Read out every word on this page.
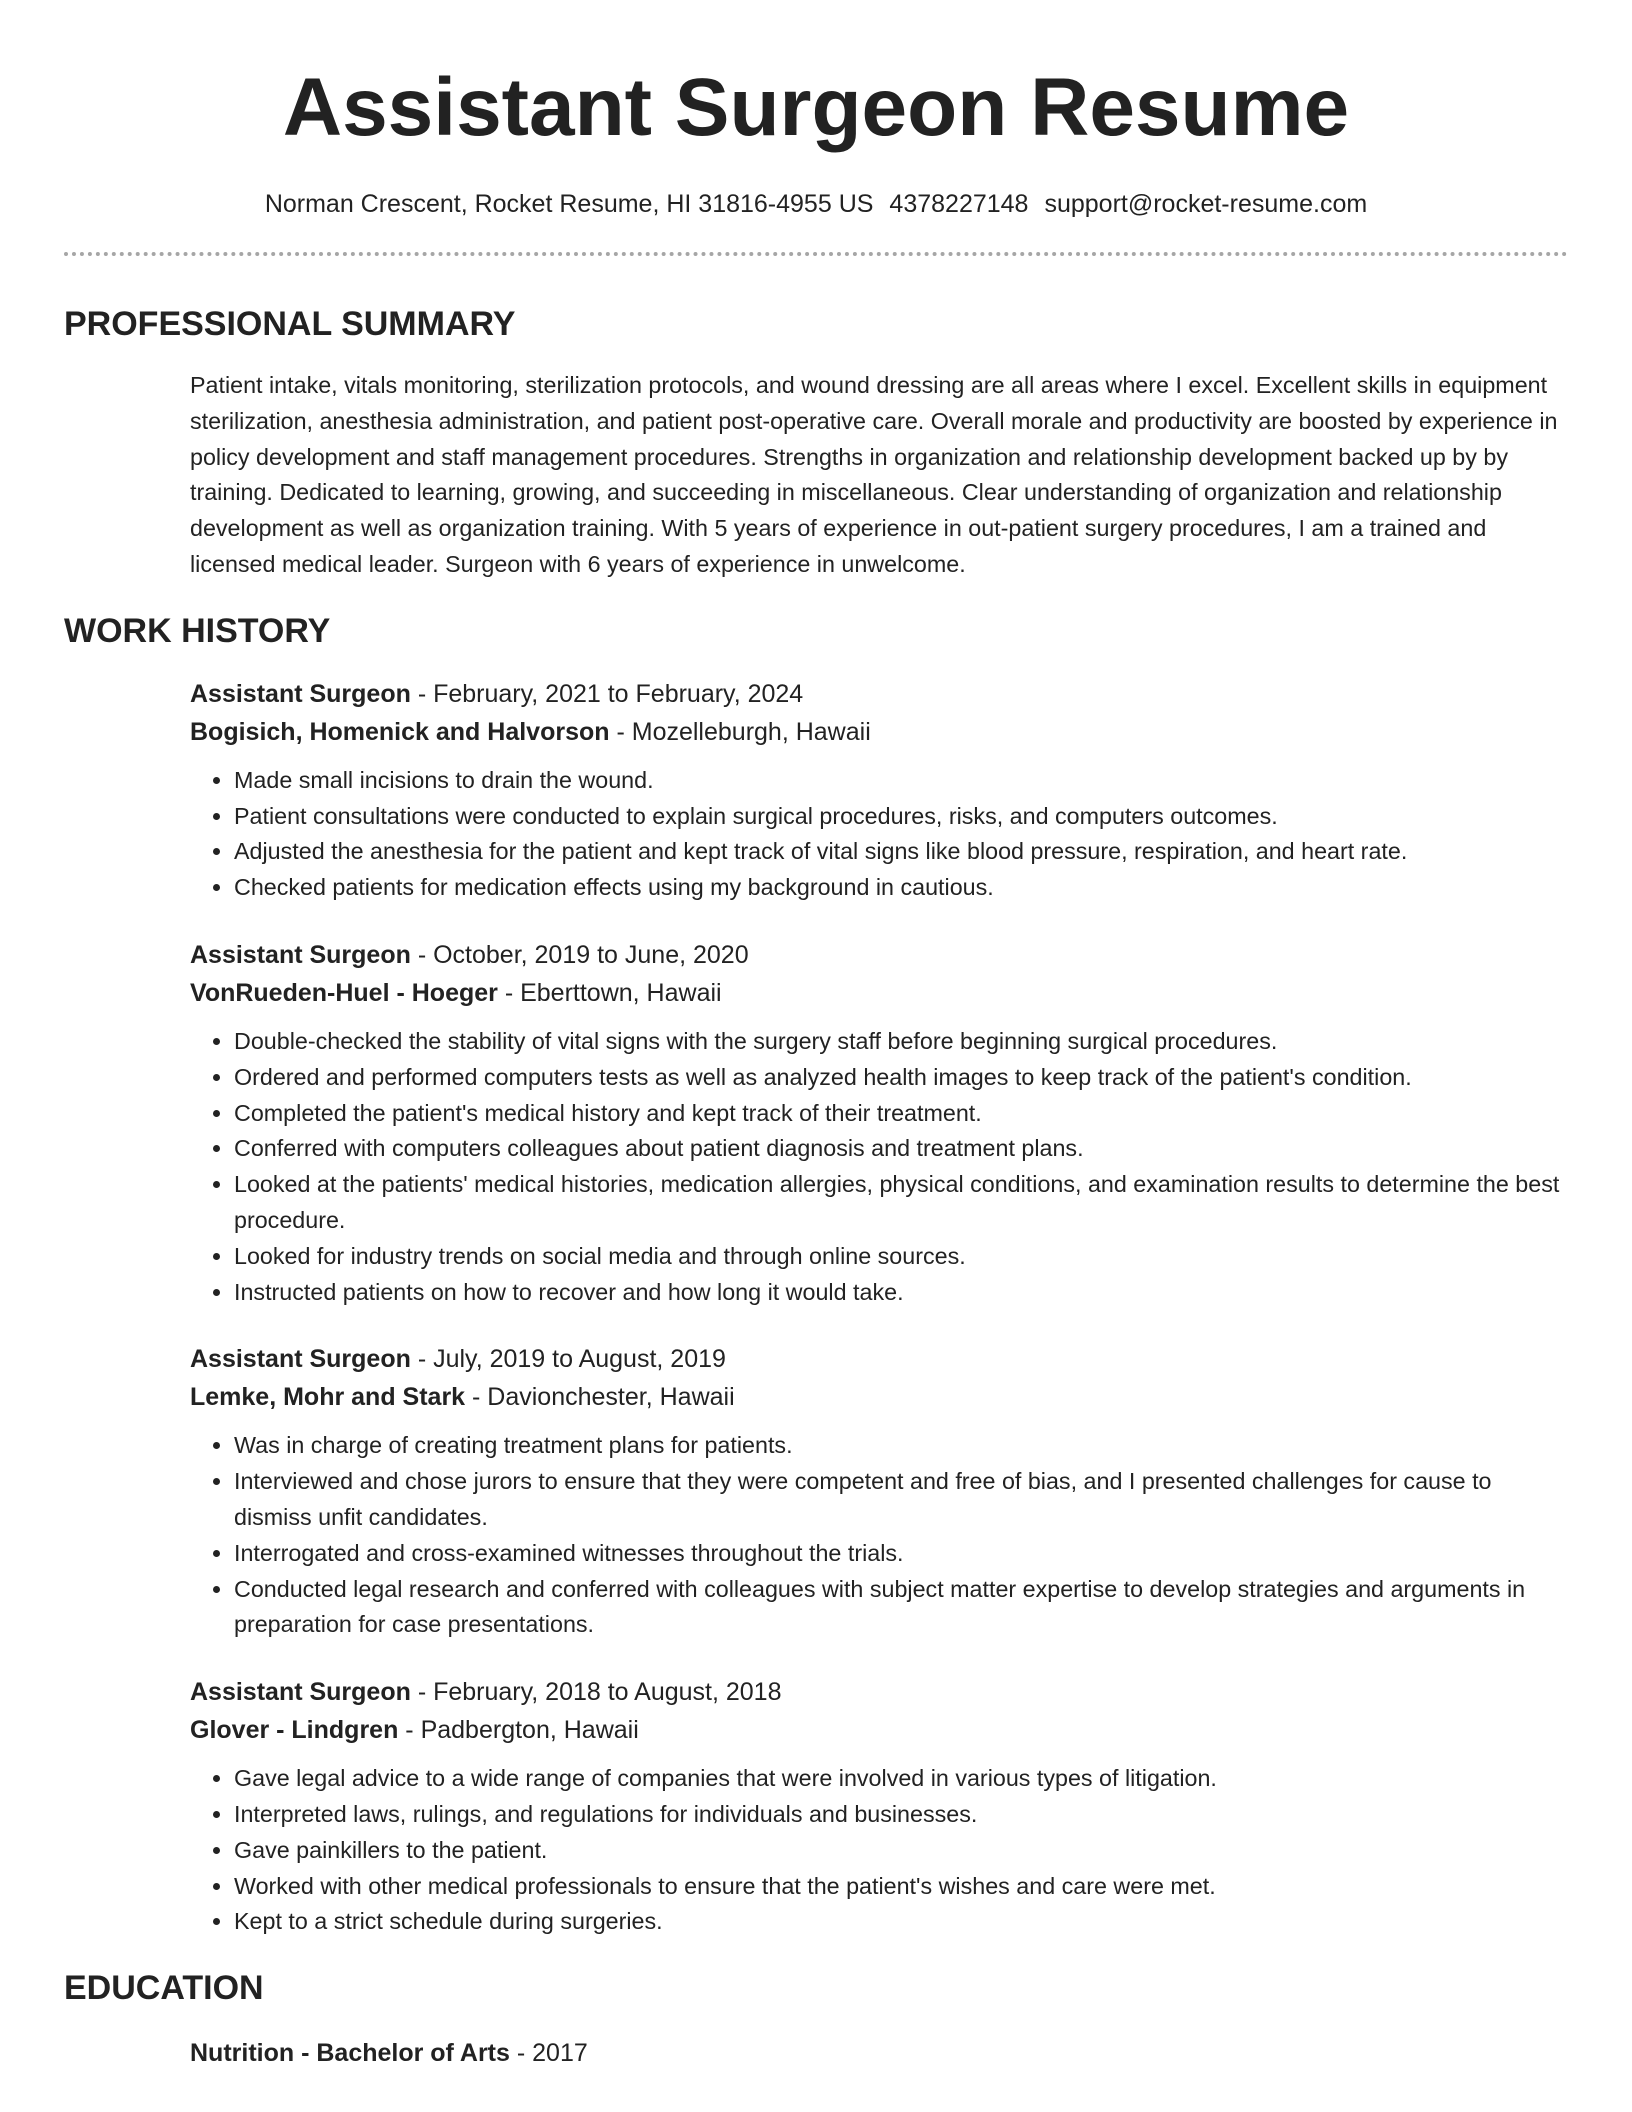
Assistant Surgeon Resume
Norman Crescent, Rocket Resume, HI 31816-4955 US 4378227148 support@rocket-resume.com
PROFESSIONAL SUMMARY
Patient intake, vitals monitoring, sterilization protocols, and wound dressing are all areas where I excel. Excellent skills in equipment sterilization, anesthesia administration, and patient post-operative care. Overall morale and productivity are boosted by experience in policy development and staff management procedures. Strengths in organization and relationship development backed up by by training. Dedicated to learning, growing, and succeeding in miscellaneous. Clear understanding of organization and relationship development as well as organization training. With 5 years of experience in out-patient surgery procedures, I am a trained and licensed medical leader. Surgeon with 6 years of experience in unwelcome.
WORK HISTORY
Assistant Surgeon - February, 2021 to February, 2024
Bogisich, Homenick and Halvorson - Mozelleburgh, Hawaii
• Made small incisions to drain the wound.
• Patient consultations were conducted to explain surgical procedures, risks, and computers outcomes.
• Adjusted the anesthesia for the patient and kept track of vital signs like blood pressure, respiration, and heart rate.
• Checked patients for medication effects using my background in cautious.
Assistant Surgeon - October, 2019 to June, 2020
VonRueden-Huel - Hoeger - Eberttown, Hawaii
• Double-checked the stability of vital signs with the surgery staff before beginning surgical procedures.
• Ordered and performed computers tests as well as analyzed health images to keep track of the patient's condition.
• Completed the patient's medical history and kept track of their treatment.
• Conferred with computers colleagues about patient diagnosis and treatment plans.
• Looked at the patients' medical histories, medication allergies, physical conditions, and examination results to determine the best procedure.
• Looked for industry trends on social media and through online sources.
• Instructed patients on how to recover and how long it would take.
Assistant Surgeon - July, 2019 to August, 2019
Lemke, Mohr and Stark - Davionchester, Hawaii
• Was in charge of creating treatment plans for patients.
• Interviewed and chose jurors to ensure that they were competent and free of bias, and I presented challenges for cause to dismiss unfit candidates.
• Interrogated and cross-examined witnesses throughout the trials.
• Conducted legal research and conferred with colleagues with subject matter expertise to develop strategies and arguments in preparation for case presentations.
Assistant Surgeon - February, 2018 to August, 2018
Glover - Lindgren - Padbergton, Hawaii
• Gave legal advice to a wide range of companies that were involved in various types of litigation.
• Interpreted laws, rulings, and regulations for individuals and businesses.
• Gave painkillers to the patient.
• Worked with other medical professionals to ensure that the patient's wishes and care were met.
• Kept to a strict schedule during surgeries.
EDUCATION
Nutrition - Bachelor of Arts - 2017
